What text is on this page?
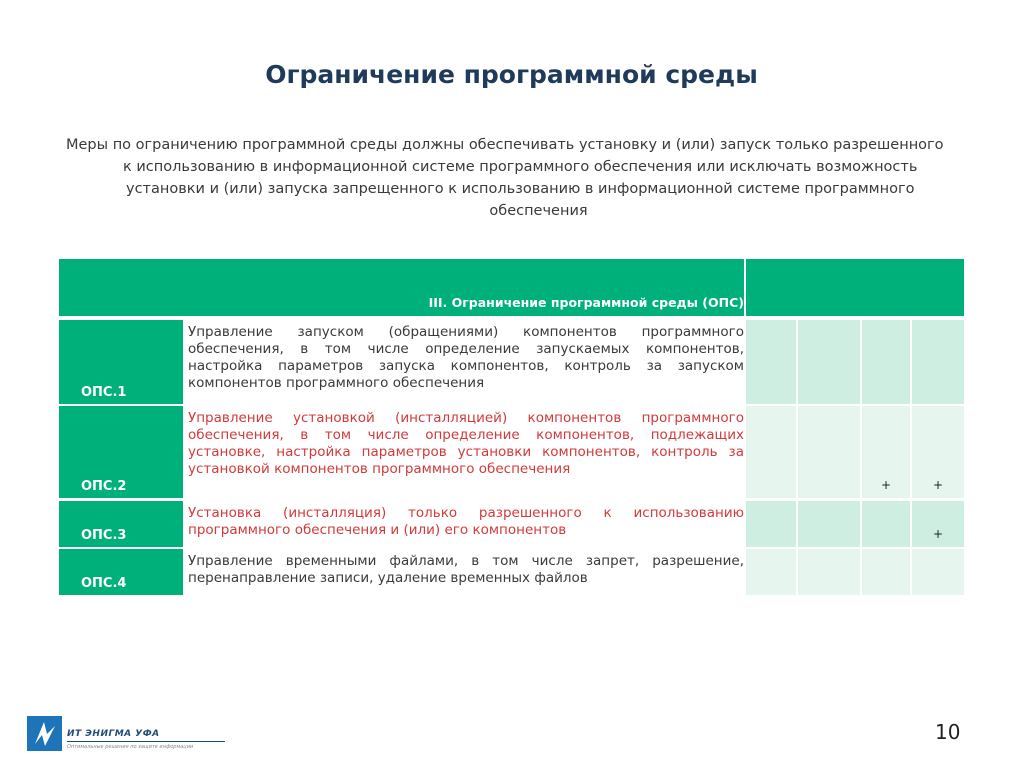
Ограничение программной среды
Меры по ограничению программной среды должны обеспечивать установку и (или) запуск только разрешенного
к использованию в информационной системе программного обеспечения или исключать возможность
установки и (или) запуска запрещенного к использованию в информационной системе программного
обеспечения
III. Ограничение программной среды (ОПС)
ОПС.1
Управление запуском (обращениями) компонентов программного обеспечения, в том числе определение запускаемых компонентов, настройка параметров запуска компонентов, контроль за запуском компонентов программного обеспечения
ОПС.2
Управление установкой (инсталляцией) компонентов программного обеспечения, в том числе определение компонентов, подлежащих установке, настройка параметров установки компонентов, контроль за установкой компонентов программного обеспечения
+	+
ОПС.3
Установка (инсталляция) только разрешенного к использованию программного обеспечения и (или) его компонентов	+
ОПС.4
Управление временными файлами, в том числе запрет, разрешение, перенаправление записи, удаление временных файлов
ИТ ЭНИГМА УФА
Оптимальные решения по защите информации
10
